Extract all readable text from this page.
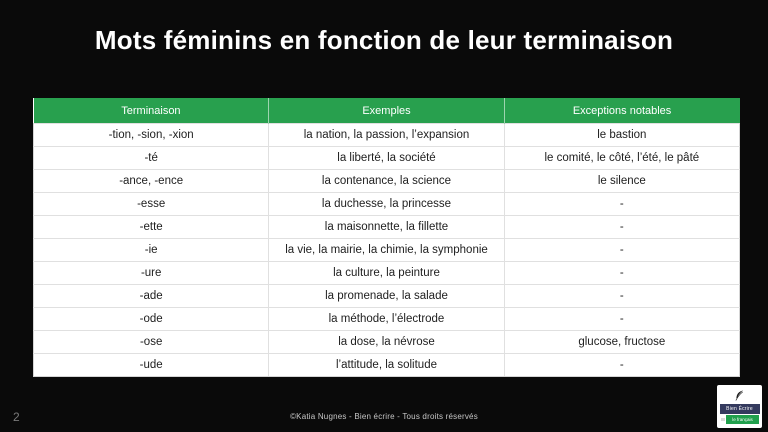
Mots féminins en fonction de leur terminaison
Terminaison	Exemples	Exceptions notables
-tion, -sion, -xion	la nation, la passion, l’expansion	le bastion
-té	la liberté, la société	le comité, le côté, l’été, le pâté
-ance, -ence	la contenance, la science	le silence
-esse	la duchesse, la princesse	-
-ette	la maisonnette, la fillette	-
-ie	la vie, la mairie, la chimie, la symphonie	-
-ure	la culture, la peinture	-
-ade	la promenade, la salade	-
-ode	la méthode, l’électrode	-
-ose	la dose, la névrose	glucose, fructose
-ude	l’attitude, la solitude	-
2	©Katia Nugnes - Bien écrire - Tous droits réservés
Bien Écrire
le français
